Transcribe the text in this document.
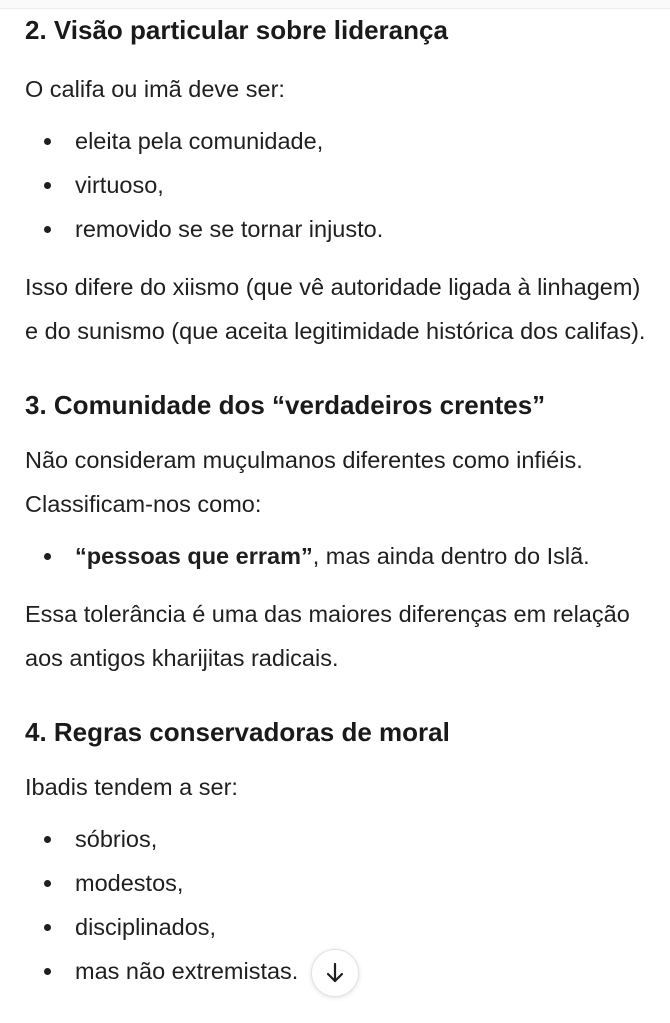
2. Visão particular sobre liderança

O califa ou imã deve ser:

eleita pela comunidade,
virtuoso,
removido se se tornar injusto.

Isso difere do xiismo (que vê autoridade ligada à linhagem) e do sunismo (que aceita legitimidade histórica dos califas).

3. Comunidade dos “verdadeiros crentes”

Não consideram muçulmanos diferentes como infiéis. Classificam-nos como:

“pessoas que erram”, mas ainda dentro do Islã.

Essa tolerância é uma das maiores diferenças em relação aos antigos kharijitas radicais.

4. Regras conservadoras de moral

Ibadis tendem a ser:

sóbrios,
modestos,
disciplinados,
mas não extremistas.
